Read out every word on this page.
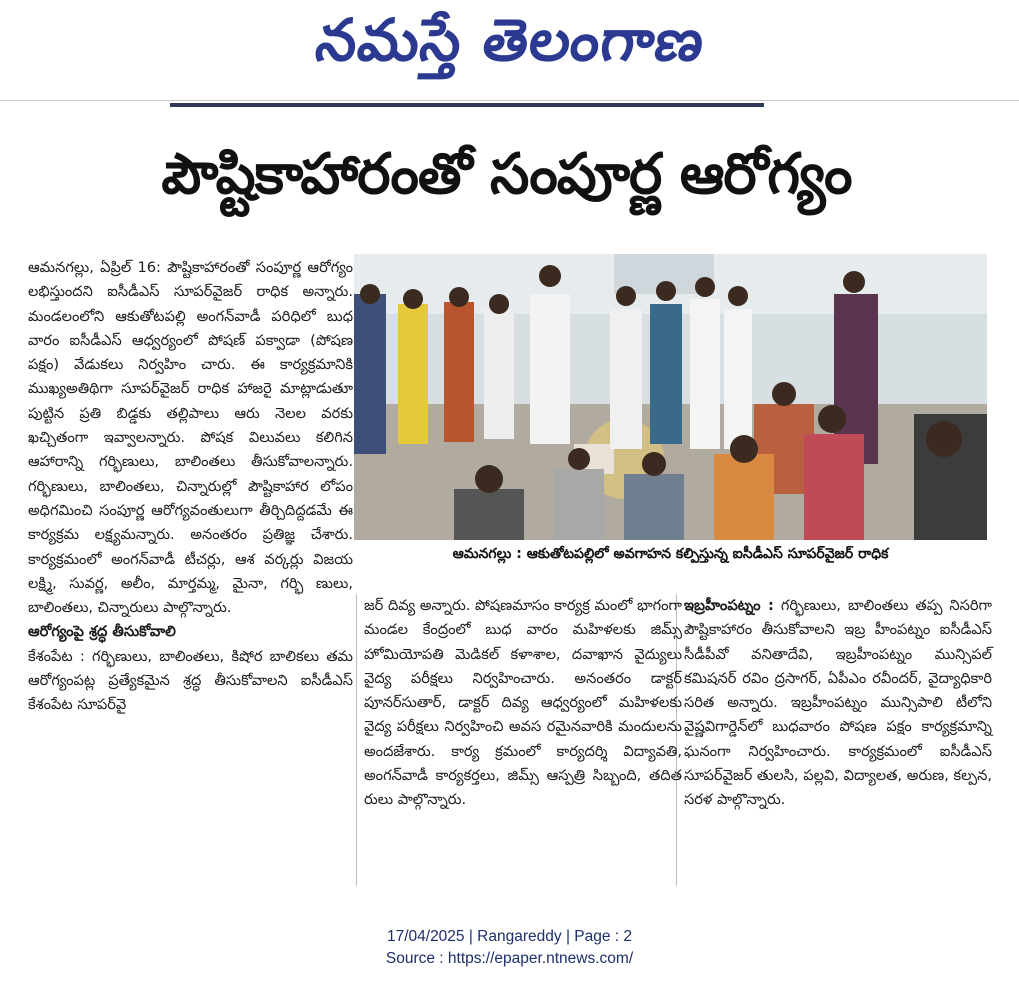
నమస్తే తెలంగాణ
పౌష్టికాహారంతో సంపూర్ణ ఆరోగ్యం

ఆమనగల్లు, ఏప్రిల్ 16: పౌష్టికాహారంతో సంపూర్ణ ఆరోగ్యం లభిస్తుందని ఐసీడీఎస్ సూపర్‌వైజర్ రాధిక అన్నారు. మండలంలోని ఆకుతోటపల్లి అంగన్‌వాడీ పరిధిలో బుధ వారం ఐసీడీఎస్ ఆధ్వర్యంలో పోషణ్ పక్వాడా (పోషణ పక్షం) వేడుకలు నిర్వహిం చారు. ఈ కార్యక్రమానికి ముఖ్యఅతిథిగా సూపర్‌వైజర్ రాధిక హాజరై మాట్లాడుతూ పుట్టిన ప్రతి బిడ్డకు తల్లిపాలు ఆరు నెలల వరకు ఖచ్చితంగా ఇవ్వాలన్నారు. పోషక విలువలు కలిగిన ఆహారాన్ని గర్భిణులు, బాలింతలు తీసుకోవాలన్నారు. గర్భిణులు, బాలింతలు, చిన్నారుల్లో పౌష్టికాహార లోపం అధిగమించి సంపూర్ణ ఆరోగ్యవంతులుగా తీర్చిదిద్దడమే ఈ కార్యక్రమ లక్ష్యమన్నారు. అనంతరం ప్రతిజ్ఞ చేశారు. కార్యక్రమంలో అంగన్‌వాడీ టీచర్లు, ఆశ వర్కర్లు విజయ లక్ష్మి, సువర్ణ, అలీం, మార్తమ్మ, మైనా, గర్భి ణులు, బాలింతలు, చిన్నారులు పాల్గొన్నారు.

ఆరోగ్యంపై శ్రద్ధ తీసుకోవాలి

కేశంపేట : గర్భిణులు, బాలింతలు, కిషోర బాలికలు తమ ఆరోగ్యంపట్ల ప్రత్యేకమైన శ్రద్ధ తీసుకోవాలని ఐసీడీఎస్ కేశంపేట సూపర్‌వై

ఆమనగల్లు : ఆకుతోటపల్లిలో అవగాహన కల్పిస్తున్న ఐసీడీఎస్ సూపర్‌వైజర్ రాధిక

జర్ దివ్య అన్నారు. పోషణమాసం కార్యక్ర మంలో భాగంగా మండల కేంద్రంలో బుధ వారం మహిళలకు జిమ్స్ హోమియోపతి మెడికల్ కళాశాల, దవాఖాన వైద్యులు వైద్య పరీక్షలు నిర్వహించారు. అనంతరం డాక్టర్ పూనర్‌సుతార్, డాక్టర్ దివ్య ఆధ్వర్యంలో మహిళలకు వైద్య పరీక్షలు నిర్వహించి అవస రమైనవారికి మందులను అందజేశారు. కార్య క్రమంలో కార్యదర్శి విద్యావతి, అంగన్‌వాడీ కార్యకర్తలు, జిమ్స్ ఆస్పత్రి సిబ్బంది, తదిత రులు పాల్గొన్నారు.

ఇబ్రహీంపట్నం : గర్భిణులు, బాలింతలు తప్ప నిసరిగా పౌష్టికాహారం తీసుకోవాలని ఇబ్ర హీంపట్నం ఐసీడీఎస్ సీడీపీవో వనితాదేవి, ఇబ్రహీంపట్నం మున్సిపల్ కమిషనర్ రవిం ద్రసాగర్, ఏపీఎం రవీందర్, వైద్యాధికారి సరిత అన్నారు. ఇబ్రహీంపట్నం మున్సిపాలి టీలోని వైష్ణవిగార్డెన్‌లో బుధవారం పోషణ పక్షం కార్యక్రమాన్ని ఘనంగా నిర్వహించారు. కార్యక్రమంలో ఐసీడీఎస్ సూపర్‌వైజర్ తులసి, పల్లవి, విద్యాలత, అరుణ, కల్పన, సరళ పాల్గొన్నారు.

17/04/2025 | Rangareddy | Page : 2
Source : https://epaper.ntnews.com/
